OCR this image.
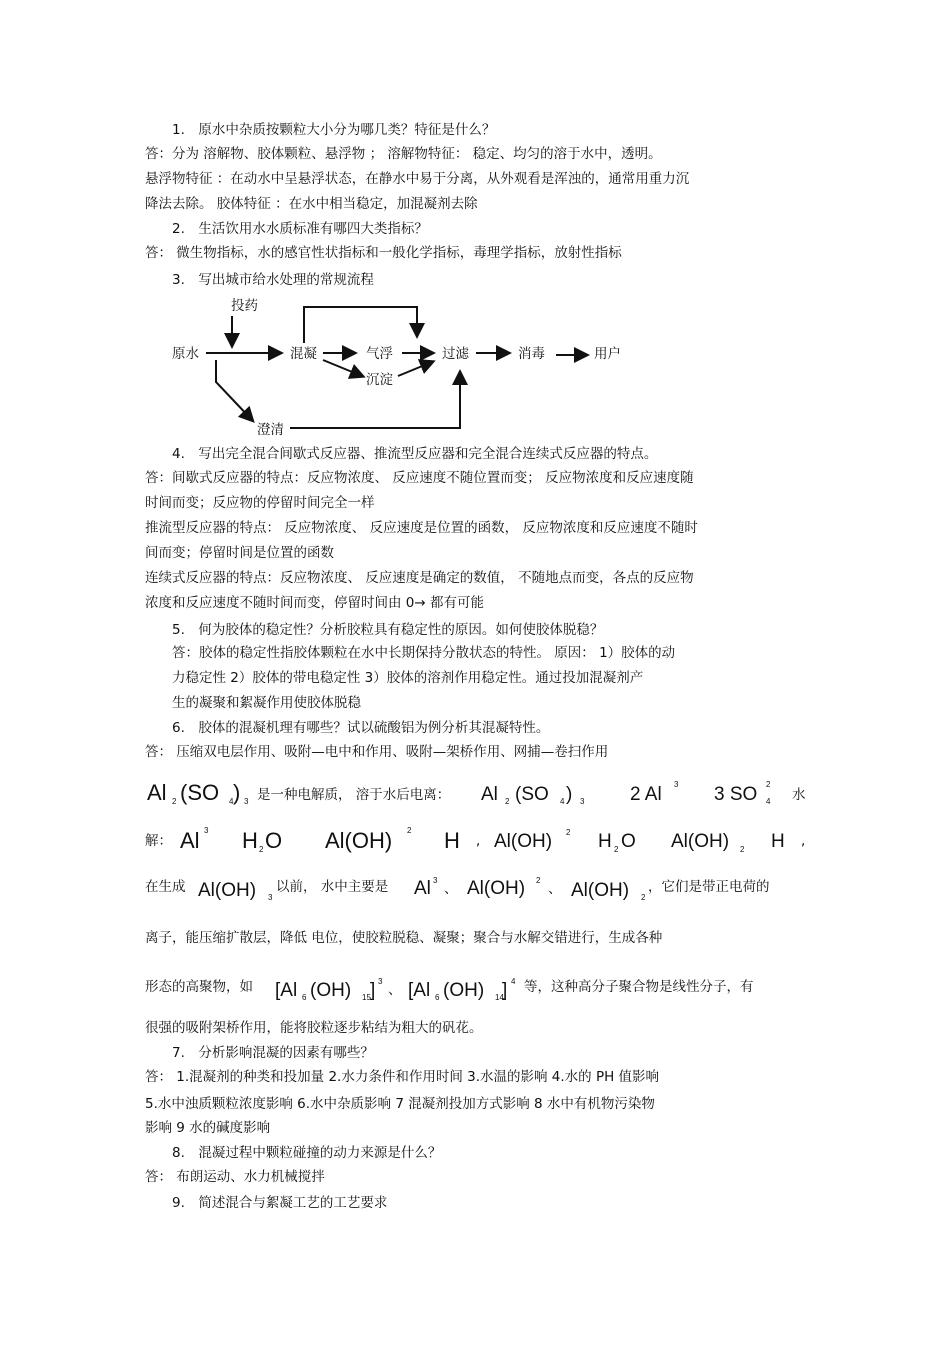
1.　原水中杂质按颗粒大小分为哪几类？特征是什么？
答：分为 溶解物、胶体颗粒、悬浮物 ； 溶解物特征： 稳定、均匀的溶于水中，透明。
悬浮物特征 ：在动水中呈悬浮状态，在静水中易于分离，从外观看是浑浊的，通常用重力沉
降法去除。 胶体特征 ：在水中相当稳定，加混凝剂去除
2.　生活饮用水水质标准有哪四大类指标？
答： 微生物指标，水的感官性状指标和一般化学指标，毒理学指标，放射性指标
3.　写出城市给水处理的常规流程
投药
原水	混凝	气浮
沉淀
澄清
过滤	消毒	用户
4.　写出完全混合间歇式反应器、推流型反应器和完全混合连续式反应器的特点。
答：间歇式反应器的特点：反应物浓度、 反应速度不随位置而变； 反应物浓度和反应速度随
时间而变；反应物的停留时间完全一样
推流型反应器的特点： 反应物浓度、 反应速度是位置的函数， 反应物浓度和反应速度不随时
间而变；停留时间是位置的函数
连续式反应器的特点：反应物浓度、 反应速度是确定的数值， 不随地点而变，各点的反应物
浓度和反应速度不随时间而变，停留时间由 0→ 都有可能
5.　何为胶体的稳定性？分析胶粒具有稳定性的原因。如何使胶体脱稳？
答：胶体的稳定性指胶体颗粒在水中长期保持分散状态的特性。 原因： 1）胶体的动
力稳定性 2）胶体的带电稳定性 3）胶体的溶剂作用稳定性。通过投加混凝剂产
生的凝聚和絮凝作用使胶体脱稳
6.　胶体的混凝机理有哪些？试以硫酸铝为例分析其混凝特性。
答： 压缩双电层作用、吸附—电中和作用、吸附—架桥作用、网捕—卷扫作用
Al 2 (SO 4 ) 3 是一种电解质， 溶于水后电离： Al 2 (SO 4 ) 3 2 Al 3 3 SO 2
4 水
解： Al 3 H 2 O Al(OH) 2 H , Al(OH) 2 H 2 O Al(OH) 2 H ,
在生成 Al(OH) 3
以前， 水中主要是 Al 3
、 Al(OH) 2
、 Al(OH) 2
，它们是带正电荷的
离子，能压缩扩散层，降低 电位，使胶粒脱稳、凝聚；聚合与水解交错进行，生成各种
形态的高聚物，如 [Al 6 (OH) 15 ] 3
、 [Al 6 (OH) 14
] 4 等，这种高分子聚合物是线性分子，有
很强的吸附架桥作用，能将胶粒逐步粘结为粗大的矾花。
7.　分析影响混凝的因素有哪些？
答： 1.混凝剂的种类和投加量 2.水力条件和作用时间 3.水温的影响 4.水的 PH 值影响
5.水中浊质颗粒浓度影响 6.水中杂质影响 7 混凝剂投加方式影响 8 水中有机物污染物
影响 9 水的碱度影响
8.　混凝过程中颗粒碰撞的动力来源是什么？
答： 布朗运动、水力机械搅拌
9.　简述混合与絮凝工艺的工艺要求
